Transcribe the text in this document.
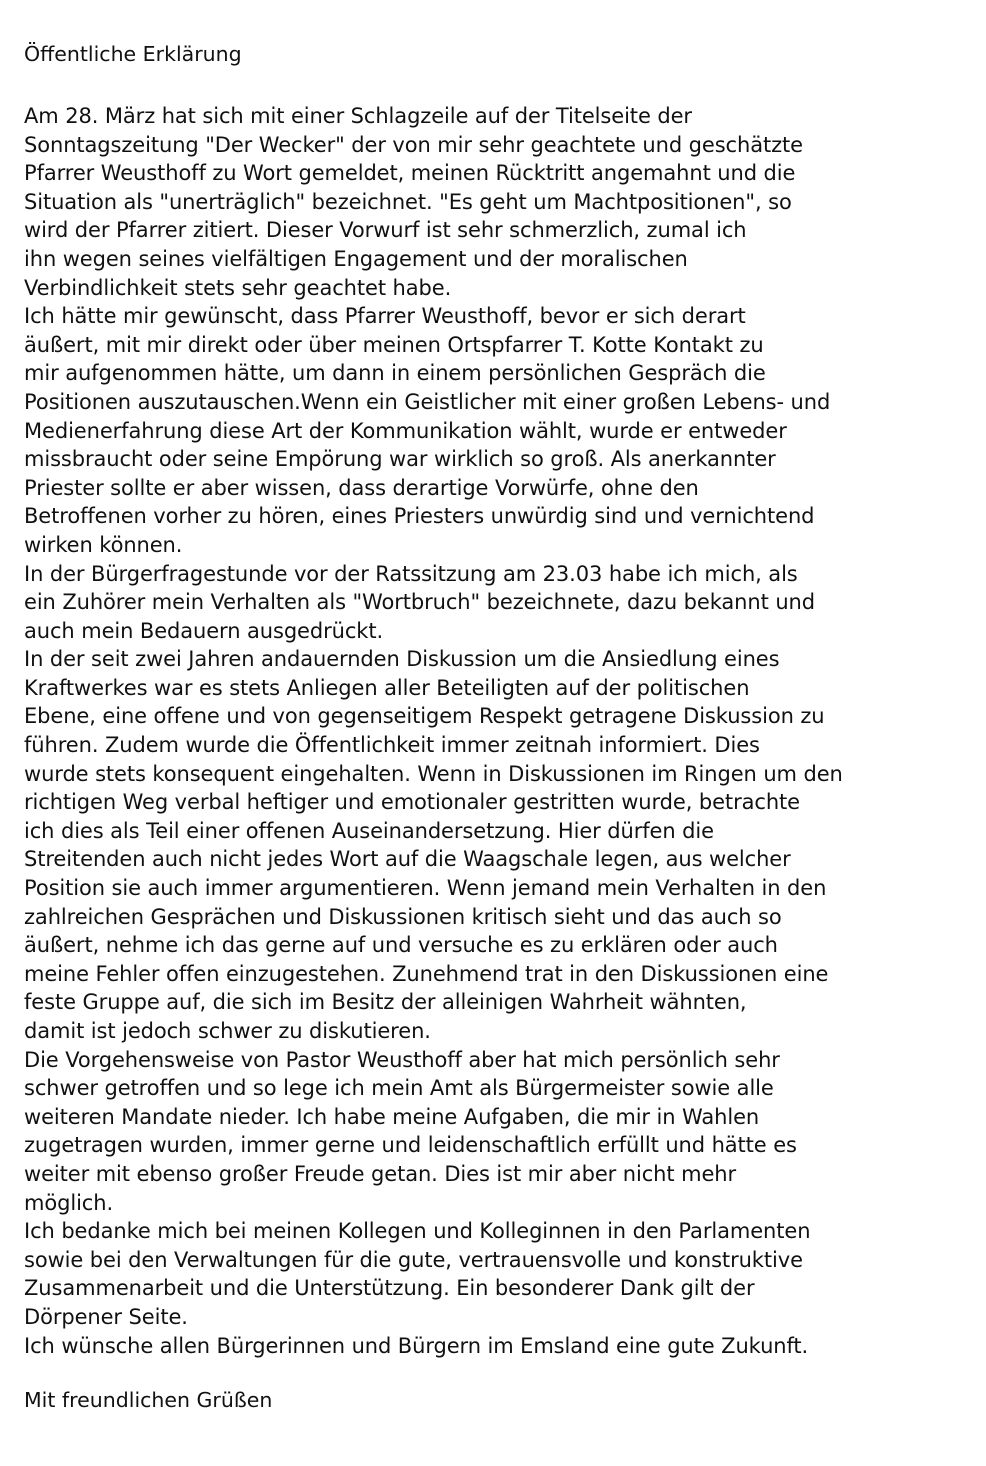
Öffentliche Erklärung
Am 28. März hat sich mit einer Schlagzeile auf der Titelseite der
Sonntagszeitung "Der Wecker" der von mir sehr geachtete und geschätzte
Pfarrer Weusthoff zu Wort gemeldet, meinen Rücktritt angemahnt und die
Situation als "unerträglich" bezeichnet. "Es geht um Machtpositionen", so
wird der Pfarrer zitiert. Dieser Vorwurf ist sehr schmerzlich, zumal ich
ihn wegen seines vielfältigen Engagement und der moralischen
Verbindlichkeit stets sehr geachtet habe.
Ich hätte mir gewünscht, dass Pfarrer Weusthoff, bevor er sich derart
äußert, mit mir direkt oder über meinen Ortspfarrer T. Kotte Kontakt zu
mir aufgenommen hätte, um dann in einem persönlichen Gespräch die
Positionen auszutauschen.Wenn ein Geistlicher mit einer großen Lebens- und
Medienerfahrung diese Art der Kommunikation wählt, wurde er entweder
missbraucht oder seine Empörung war wirklich so groß. Als anerkannter
Priester sollte er aber wissen, dass derartige Vorwürfe, ohne den
Betroffenen vorher zu hören, eines Priesters unwürdig sind und vernichtend
wirken können.
In der Bürgerfragestunde vor der Ratssitzung am 23.03 habe ich mich, als
ein Zuhörer mein Verhalten als "Wortbruch" bezeichnete, dazu bekannt und
auch mein Bedauern ausgedrückt.
In der seit zwei Jahren andauernden Diskussion um die Ansiedlung eines
Kraftwerkes war es stets Anliegen aller Beteiligten auf der politischen
Ebene, eine offene und von gegenseitigem Respekt getragene Diskussion zu
führen. Zudem wurde die Öffentlichkeit immer zeitnah informiert. Dies
wurde stets konsequent eingehalten. Wenn in Diskussionen im Ringen um den
richtigen Weg verbal heftiger und emotionaler gestritten wurde, betrachte
ich dies als Teil einer offenen Auseinandersetzung. Hier dürfen die
Streitenden auch nicht jedes Wort auf die Waagschale legen, aus welcher
Position sie auch immer argumentieren. Wenn jemand mein Verhalten in den
zahlreichen Gesprächen und Diskussionen kritisch sieht und das auch so
äußert, nehme ich das gerne auf und versuche es zu erklären oder auch
meine Fehler offen einzugestehen. Zunehmend trat in den Diskussionen eine
feste Gruppe auf, die sich im Besitz der alleinigen Wahrheit wähnten,
damit ist jedoch schwer zu diskutieren.
Die Vorgehensweise von Pastor Weusthoff aber hat mich persönlich sehr
schwer getroffen und so lege ich mein Amt als Bürgermeister sowie alle
weiteren Mandate nieder. Ich habe meine Aufgaben, die mir in Wahlen
zugetragen wurden, immer gerne und leidenschaftlich erfüllt und hätte es
weiter mit ebenso großer Freude getan. Dies ist mir aber nicht mehr
möglich.
Ich bedanke mich bei meinen Kollegen und Kolleginnen in den Parlamenten
sowie bei den Verwaltungen für die gute, vertrauensvolle und konstruktive
Zusammenarbeit und die Unterstützung. Ein besonderer Dank gilt der
Dörpener Seite.
Ich wünsche allen Bürgerinnen und Bürgern im Emsland eine gute Zukunft.
Mit freundlichen Grüßen
